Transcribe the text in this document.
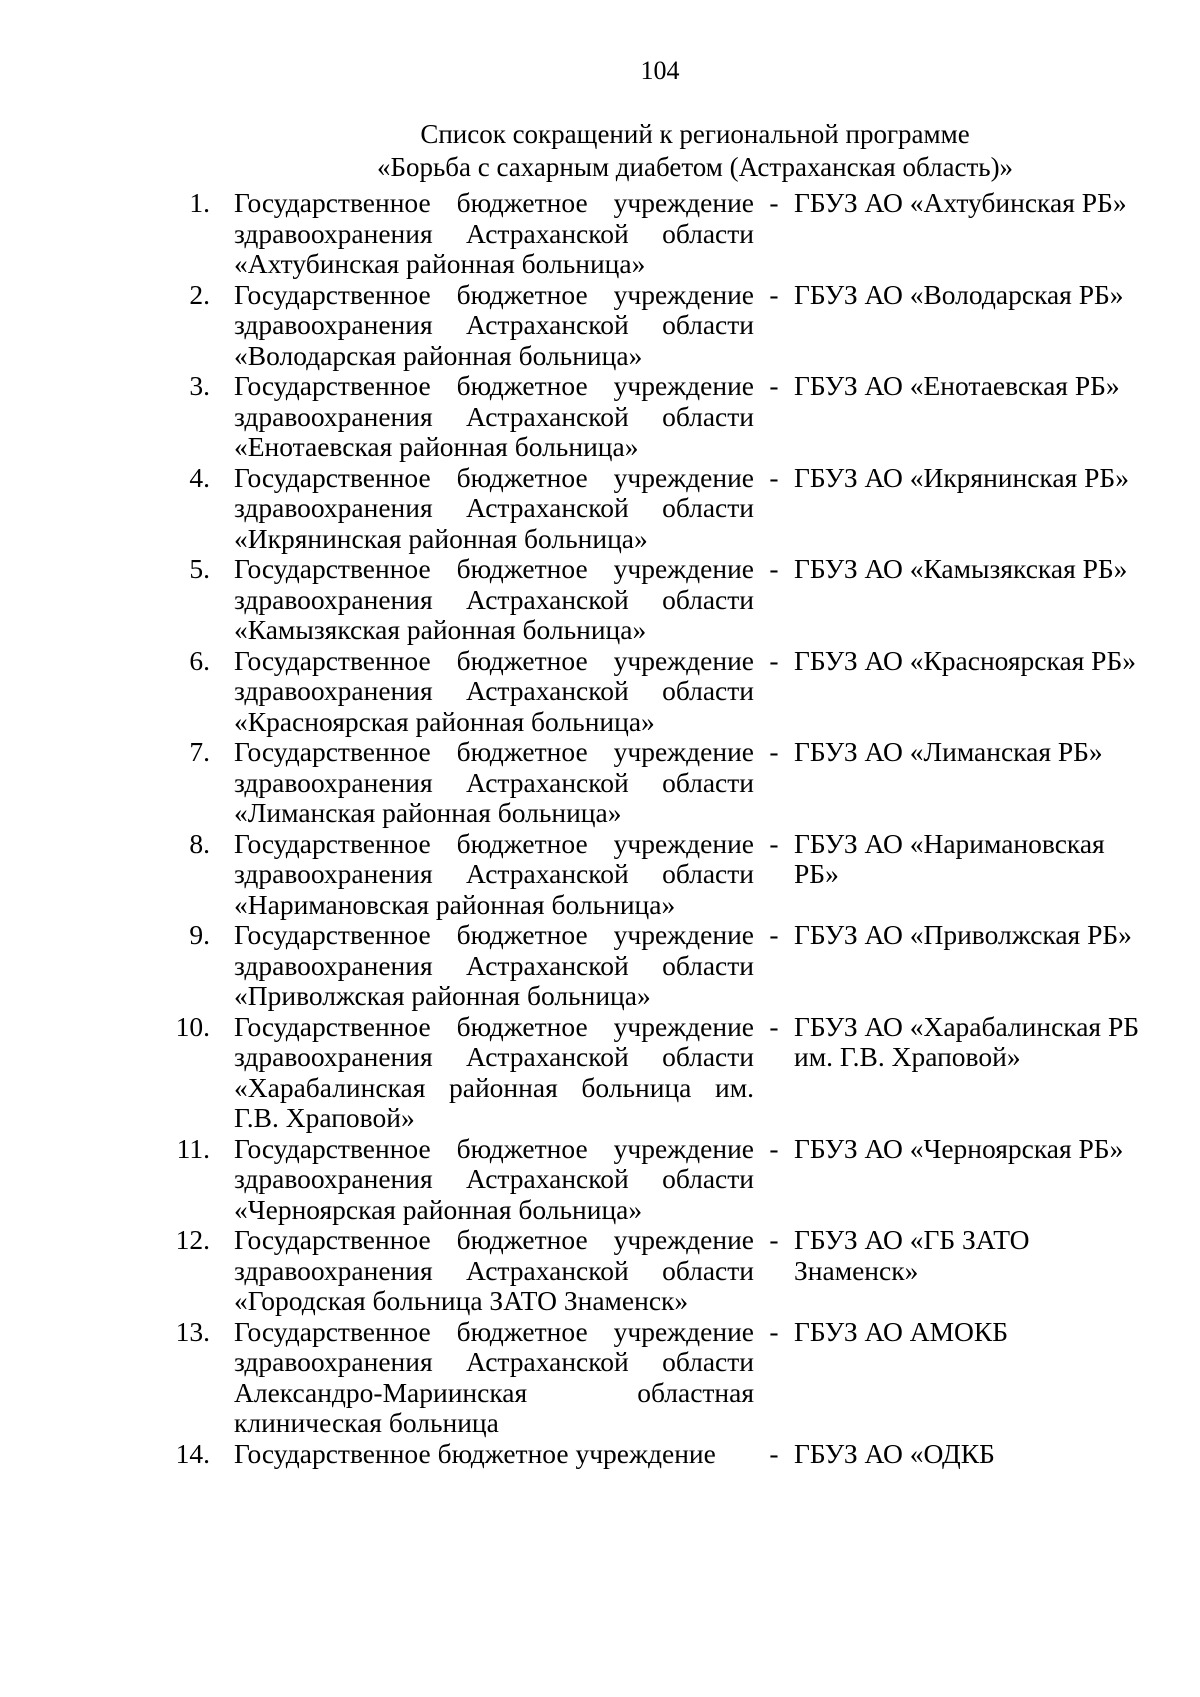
104
Список сокращений к региональной программе
«Борьба с сахарным диабетом (Астраханская область)»
1. Государственное бюджетное учреждение здравоохранения Астраханской области «Ахтубинская районная больница»
- ГБУЗ АО «Ахтубинская РБ»
2. Государственное бюджетное учреждение здравоохранения Астраханской области «Володарская районная больница»
- ГБУЗ АО «Володарская РБ»
3. Государственное бюджетное учреждение здравоохранения Астраханской области «Енотаевская районная больница»
- ГБУЗ АО «Енотаевская РБ»
4. Государственное бюджетное учреждение здравоохранения Астраханской области «Икрянинская районная больница»
- ГБУЗ АО «Икрянинская РБ»
5. Государственное бюджетное учреждение здравоохранения Астраханской области «Камызякская районная больница»
- ГБУЗ АО «Камызякская РБ»
6. Государственное бюджетное учреждение здравоохранения Астраханской области «Красноярская районная больница»
- ГБУЗ АО «Красноярская РБ»
7. Государственное бюджетное учреждение здравоохранения Астраханской области «Лиманская районная больница»
- ГБУЗ АО «Лиманская РБ»
8. Государственное бюджетное учреждение здравоохранения Астраханской области «Наримановская районная больница»
- ГБУЗ АО «Наримановская РБ»
9. Государственное бюджетное учреждение здравоохранения Астраханской области «Приволжская районная больница»
- ГБУЗ АО «Приволжская РБ»
10. Государственное бюджетное учреждение здравоохранения Астраханской области «Харабалинская районная больница им. Г.В. Храповой»
- ГБУЗ АО «Харабалинская РБ им. Г.В. Храповой»
11. Государственное бюджетное учреждение здравоохранения Астраханской области «Черноярская районная больница»
- ГБУЗ АО «Черноярская РБ»
12. Государственное бюджетное учреждение здравоохранения Астраханской области «Городская больница ЗАТО Знаменск»
- ГБУЗ АО «ГБ ЗАТО Знаменск»
13. Государственное бюджетное учреждение здравоохранения Астраханской области Александро-Мариинская областная клиническая больница
- ГБУЗ АО АМОКБ
14. Государственное бюджетное учреждение	- ГБУЗ АО «ОДКБ
